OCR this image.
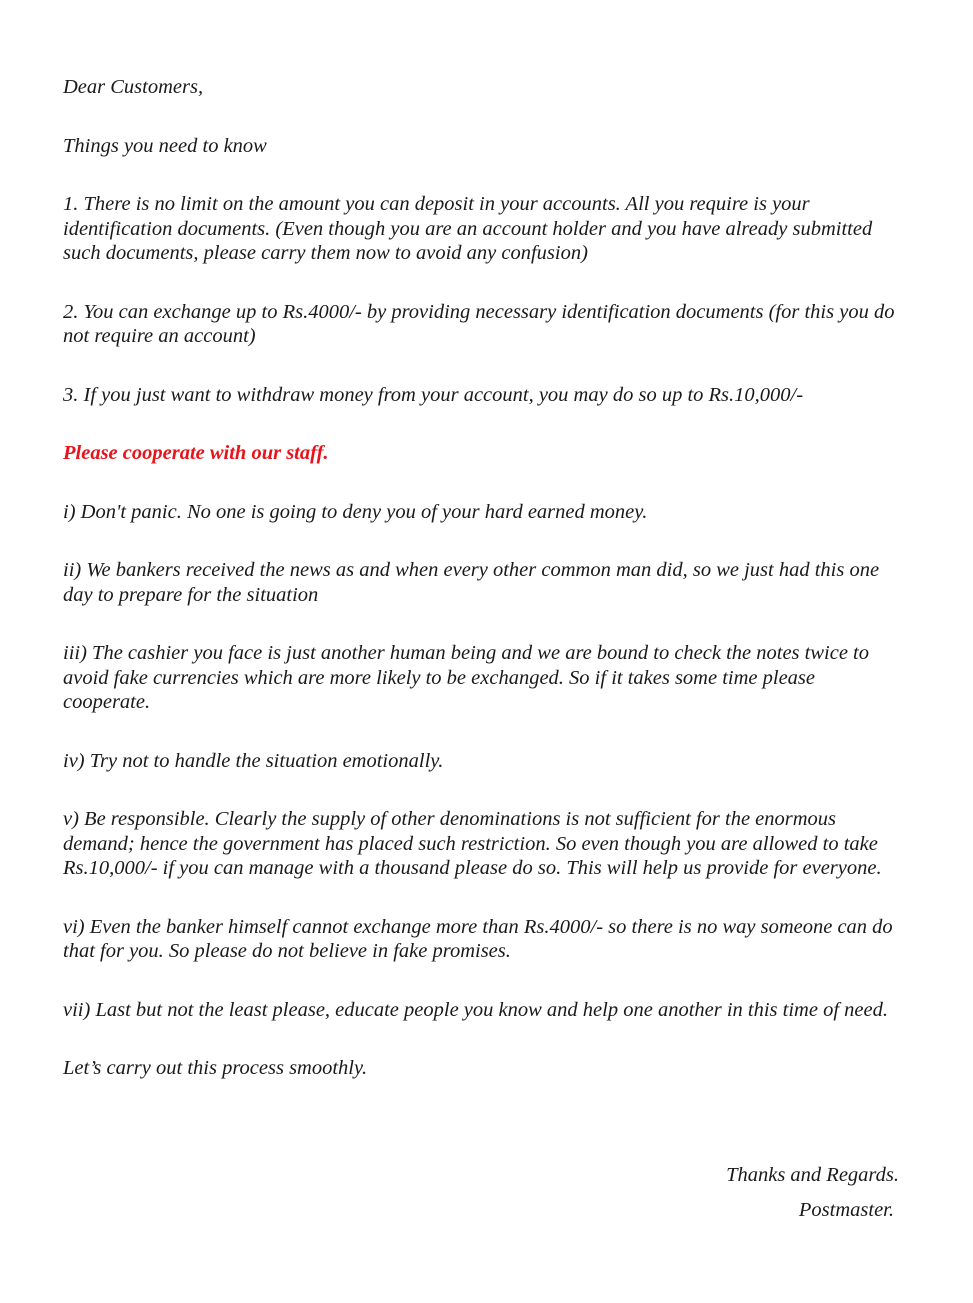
Dear Customers,

Things you need to know

1. There is no limit on the amount you can deposit in your accounts. All you require is your identification documents. (Even though you are an account holder and you have already submitted such documents, please carry them now to avoid any confusion)

2. You can exchange up to Rs.4000/- by providing necessary identification documents (for this you do not require an account)

3. If you just want to withdraw money from your account, you may do so up to Rs.10,000/-

Please cooperate with our staff.

i) Don't panic. No one is going to deny you of your hard earned money.

ii) We bankers received the news as and when every other common man did, so we just had this one day to prepare for the situation

iii) The cashier you face is just another human being and we are bound to check the notes twice to avoid fake currencies which are more likely to be exchanged. So if it takes some time please cooperate.

iv) Try not to handle the situation emotionally.

v) Be responsible. Clearly the supply of other denominations is not sufficient for the enormous demand; hence the government has placed such restriction. So even though you are allowed to take Rs.10,000/- if you can manage with a thousand please do so. This will help us provide for everyone.

vi) Even the banker himself cannot exchange more than Rs.4000/- so there is no way someone can do that for you. So please do not believe in fake promises.

vii) Last but not the least please, educate people you know and help one another in this time of need.

Let’s carry out this process smoothly.

Thanks and Regards.
Postmaster.
